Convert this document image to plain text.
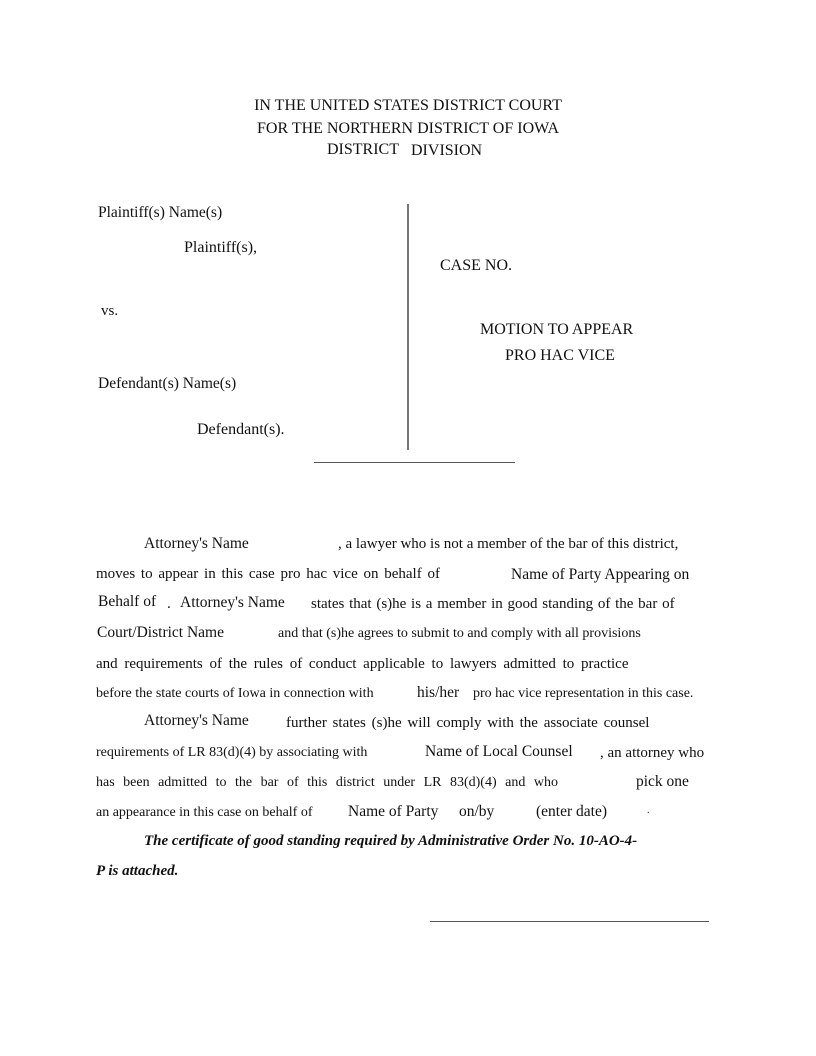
IN THE UNITED STATES DISTRICT COURT
FOR THE NORTHERN DISTRICT OF IOWA
DISTRICT DIVISION
Plaintiff(s) Name(s)
Plaintiff(s),
vs.
Defendant(s) Name(s)
Defendant(s).
CASE NO.
MOTION TO APPEAR
PRO HAC VICE
Attorney's Name	, a lawyer who is not a member of the bar of this district,
moves to appear in this case pro hac vice on behalf of	Name of Party Appearing on
Behalf of . Attorney's Name states that (s)he is a member in good standing of the bar of
Court/District Name	and that (s)he agrees to submit to and comply with all provisions
and requirements of the rules of conduct applicable to lawyers admitted to practice
before the state courts of Iowa in connection with	his/her pro hac vice representation in this case.
Attorney's Name further states (s)he will comply with the associate counsel
requirements of LR 83(d)(4) by associating with	Name of Local Counsel , an attorney who
has been admitted to the bar of this district under LR 83(d)(4) and who	pick one
an appearance in this case on behalf of Name of Party on/by	(enter date)	.
The certificate of good standing required by Administrative Order No. 10-AO-4-
P is attached.
